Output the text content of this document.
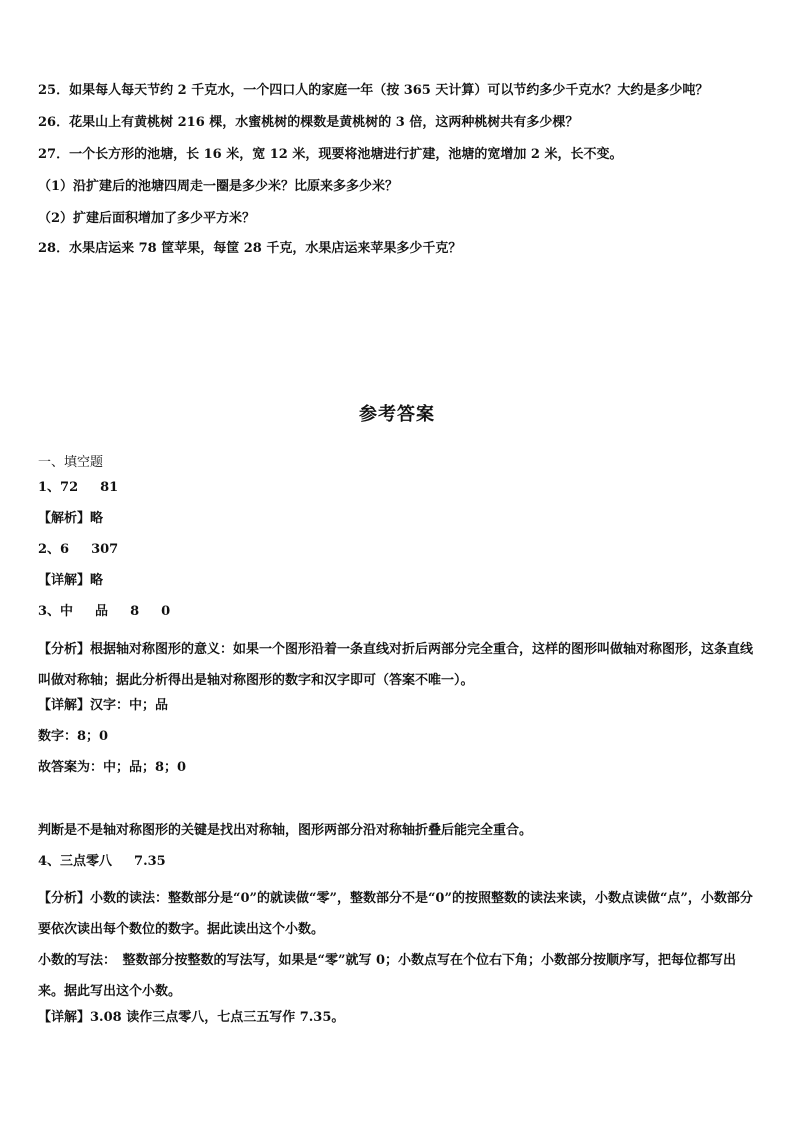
25．如果每人每天节约 2 千克水，一个四口人的家庭一年（按 365 天计算）可以节约多少千克水？大约是多少吨？
26．花果山上有黄桃树 216 棵，水蜜桃树的棵数是黄桃树的 3 倍，这两种桃树共有多少棵？
27．一个长方形的池塘，长 16 米，宽 12 米，现要将池塘进行扩建，池塘的宽增加 2 米，长不变。
（1）沿扩建后的池塘四周走一圈是多少米？比原来多多少米？
（2）扩建后面积增加了多少平方米？
28．水果店运来 78 筐苹果，每筐 28 千克，水果店运来苹果多少千克？
参考答案
一、填空题
1、72 81
【解析】略
2、6 307
【详解】略
3、中 品 8 0
【分析】根据轴对称图形的意义：如果一个图形沿着一条直线对折后两部分完全重合，这样的图形叫做轴对称图形，这条直线叫做对称轴；据此分析得出是轴对称图形的数字和汉字即可（答案不唯一）。
【详解】汉字：中；品
数字：8；0
故答案为：中；品；8；0
判断是不是轴对称图形的关键是找出对称轴，图形两部分沿对称轴折叠后能完全重合。
4、三点零八 7.35
【分析】小数的读法：整数部分是“0”的就读做“零”，整数部分不是“0”的按照整数的读法来读，小数点读做“点”，小数部分要依次读出每个数位的数字。据此读出这个小数。
小数的写法：　整数部分按整数的写法写，如果是“零”就写 0；小数点写在个位右下角；小数部分按顺序写，把每位都写出来。据此写出这个小数。
【详解】3.08 读作三点零八，七点三五写作 7.35。
